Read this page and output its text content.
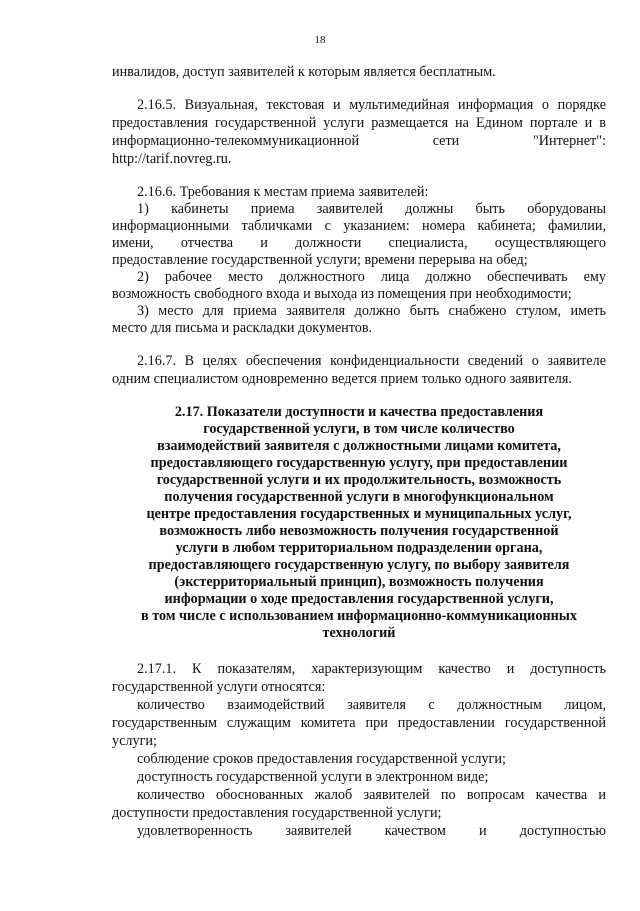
18
инвалидов, доступ заявителей к которым является бесплатным.
2.16.5. Визуальная, текстовая и мультимедийная информация о порядке
предоставления государственной услуги размещается на Едином портале и в
информационно-телекоммуникационной сети "Интернет":
http://tarif.novreg.ru.
2.16.6. Требования к местам приема заявителей:
1) кабинеты приема заявителей должны быть оборудованы
информационными табличками с указанием: номера кабинета; фамилии,
имени, отчества и должности специалиста, осуществляющего
предоставление государственной услуги; времени перерыва на обед;
2) рабочее место должностного лица должно обеспечивать ему
возможность свободного входа и выхода из помещения при необходимости;
3) место для приема заявителя должно быть снабжено стулом, иметь
место для письма и раскладки документов.
2.16.7. В целях обеспечения конфиденциальности сведений о заявителе
одним специалистом одновременно ведется прием только одного заявителя.
2.17. Показатели доступности и качества предоставления
государственной услуги, в том числе количество
взаимодействий заявителя с должностными лицами комитета,
предоставляющего государственную услугу, при предоставлении
государственной услуги и их продолжительность, возможность
получения государственной услуги в многофункциональном
центре предоставления государственных и муниципальных услуг,
возможность либо невозможность получения государственной
услуги в любом территориальном подразделении органа,
предоставляющего государственную услугу, по выбору заявителя
(экстерриториальный принцип), возможность получения
информации о ходе предоставления государственной услуги,
в том числе с использованием информационно-коммуникационных
технологий
2.17.1. К показателям, характеризующим качество и доступность
государственной услуги относятся:
количество взаимодействий заявителя с должностным лицом,
государственным служащим комитета при предоставлении государственной
услуги;
соблюдение сроков предоставления государственной услуги;
доступность государственной услуги в электронном виде;
количество обоснованных жалоб заявителей по вопросам качества и
доступности предоставления государственной услуги;
удовлетворенность заявителей качеством и доступностью
